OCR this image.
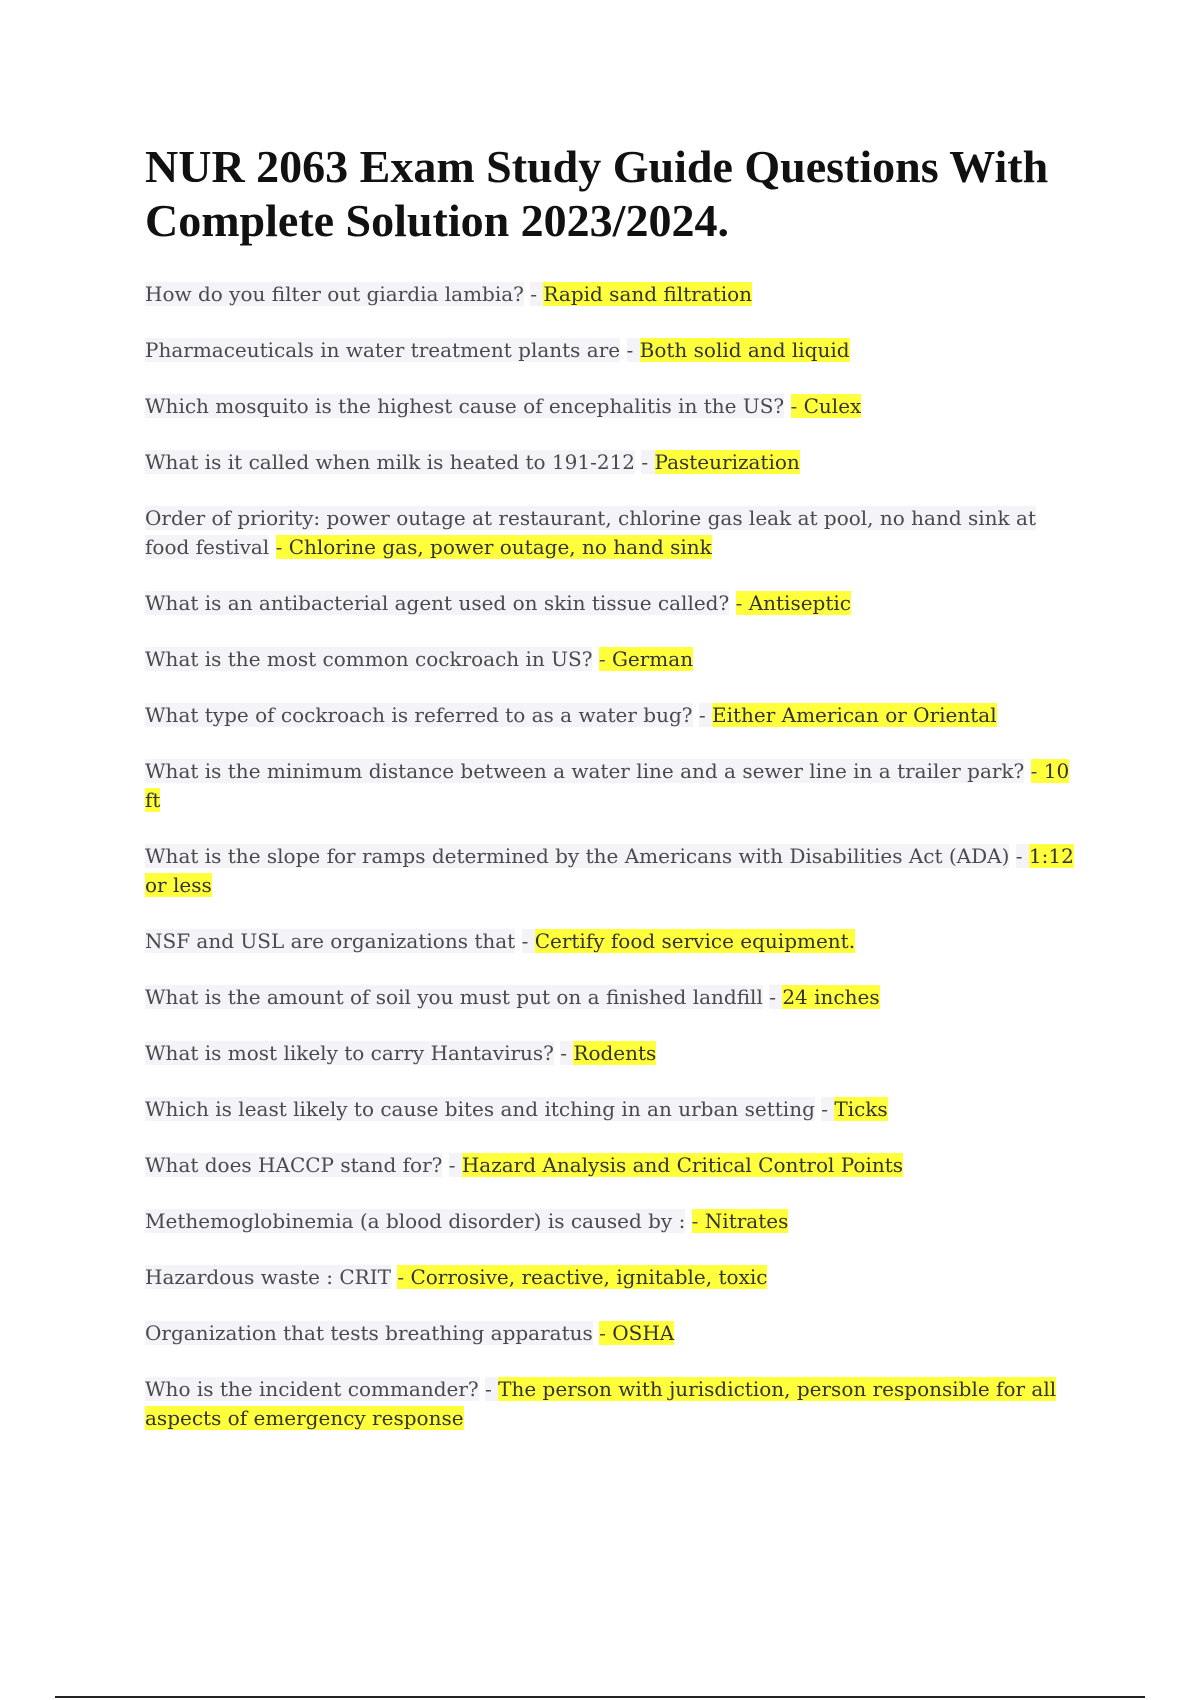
NUR 2063 Exam Study Guide Questions With Complete Solution 2023/2024.

How do you filter out giardia lambia? - Rapid sand filtration

Pharmaceuticals in water treatment plants are - Both solid and liquid

Which mosquito is the highest cause of encephalitis in the US? - Culex

What is it called when milk is heated to 191-212 - Pasteurization

Order of priority: power outage at restaurant, chlorine gas leak at pool, no hand sink at food festival - Chlorine gas, power outage, no hand sink

What is an antibacterial agent used on skin tissue called? - Antiseptic

What is the most common cockroach in US? - German

What type of cockroach is referred to as a water bug? - Either American or Oriental

What is the minimum distance between a water line and a sewer line in a trailer park? - 10 ft

What is the slope for ramps determined by the Americans with Disabilities Act (ADA) - 1:12 or less

NSF and USL are organizations that - Certify food service equipment.

What is the amount of soil you must put on a finished landfill - 24 inches

What is most likely to carry Hantavirus? - Rodents

Which is least likely to cause bites and itching in an urban setting - Ticks

What does HACCP stand for? - Hazard Analysis and Critical Control Points

Methemoglobinemia (a blood disorder) is caused by : - Nitrates

Hazardous waste : CRIT - Corrosive, reactive, ignitable, toxic

Organization that tests breathing apparatus - OSHA

Who is the incident commander? - The person with jurisdiction, person responsible for all aspects of emergency response
